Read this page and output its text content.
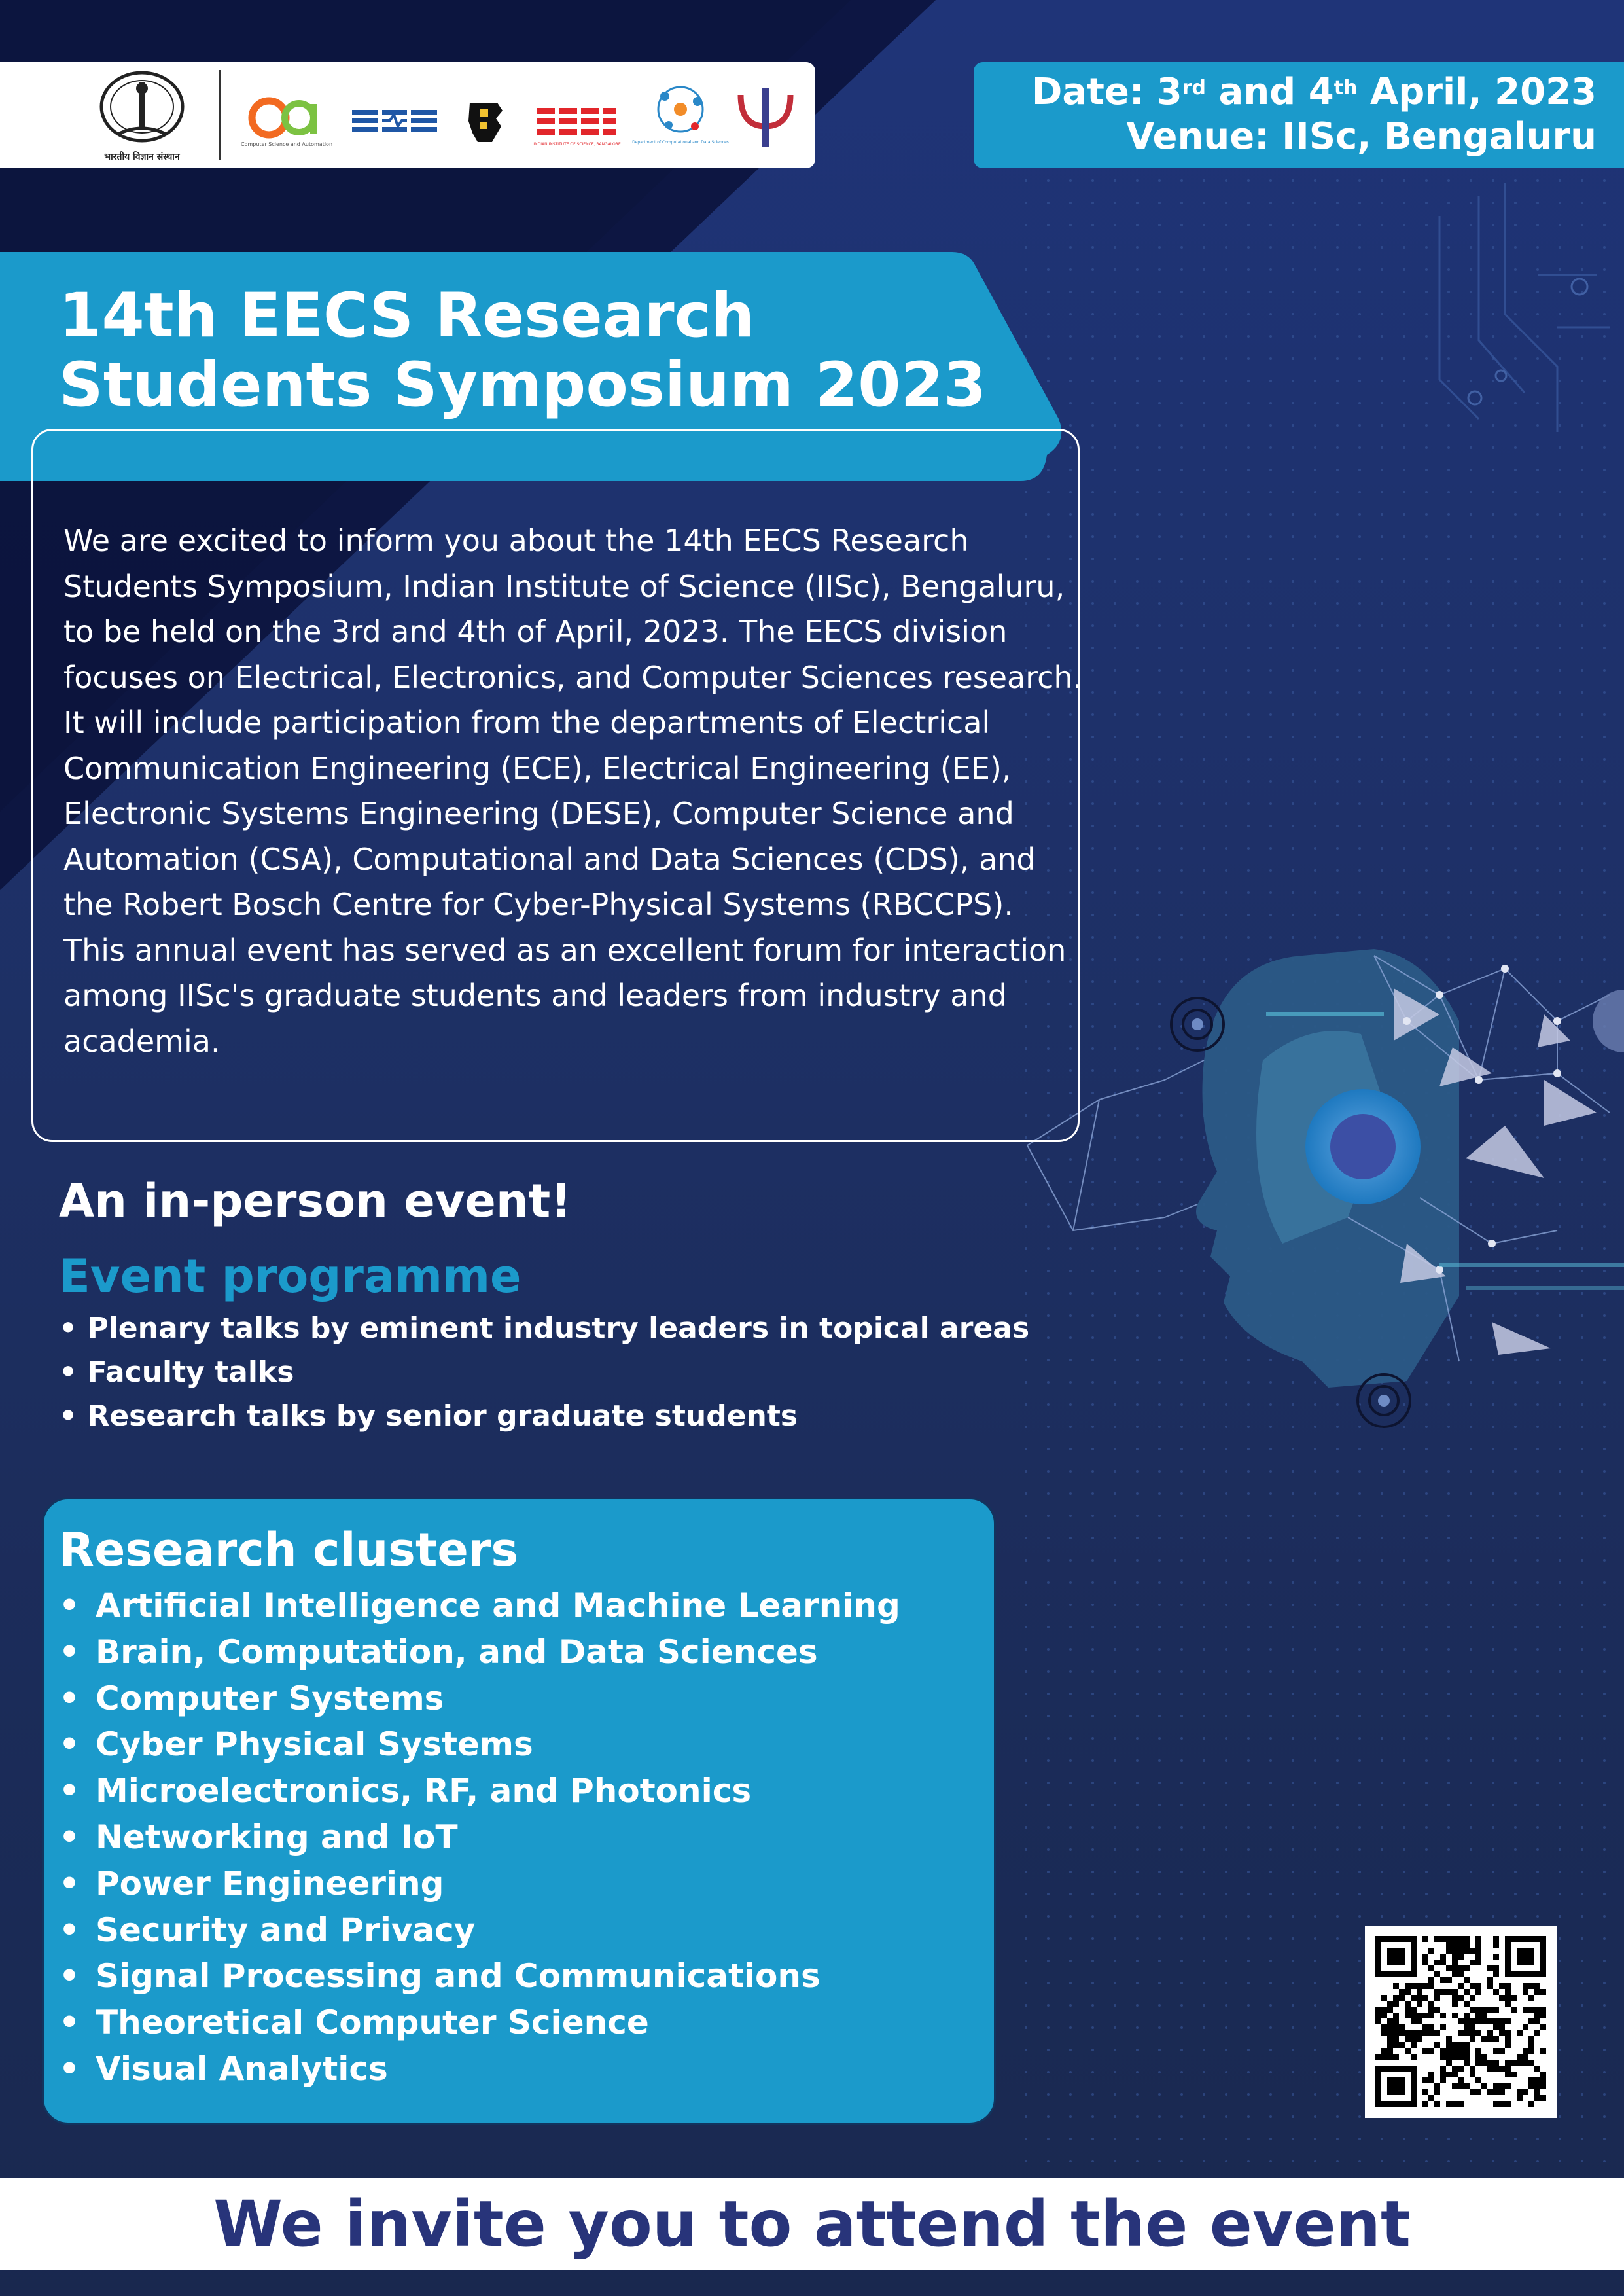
भारतीय विज्ञान संस्थान
Computer Science and Automation	INDIAN INSTITUTE OF SCIENCE, BANGALORE	Department of Computational and Data Sciences
Date: 3rd and 4th April, 2023
Venue: IISc, Bengaluru
14th EECS Research
Students Symposium 2023

We are excited to inform you about the 14th EECS Research Students Symposium, Indian Institute of Science (IISc), Bengaluru, to be held on the 3rd and 4th of April, 2023. The EECS division focuses on Electrical, Electronics, and Computer Sciences research. It will include participation from the departments of Electrical Communication Engineering (ECE), Electrical Engineering (EE), Electronic Systems Engineering (DESE), Computer Science and Automation (CSA), Computational and Data Sciences (CDS), and the Robert Bosch Centre for Cyber-Physical Systems (RBCCPS). This annual event has served as an excellent forum for interaction among IISc's graduate students and leaders from industry and academia.

An in-person event!
Event programme
• Plenary talks by eminent industry leaders in topical areas
• Faculty talks
• Research talks by senior graduate students
Research clusters
• Artificial Intelligence and Machine Learning
• Brain, Computation, and Data Sciences
• Computer Systems
• Cyber Physical Systems
• Microelectronics, RF, and Photonics
• Networking and IoT
• Power Engineering
• Security and Privacy
• Signal Processing and Communications
• Theoretical Computer Science
• Visual Analytics
We invite you to attend the event
